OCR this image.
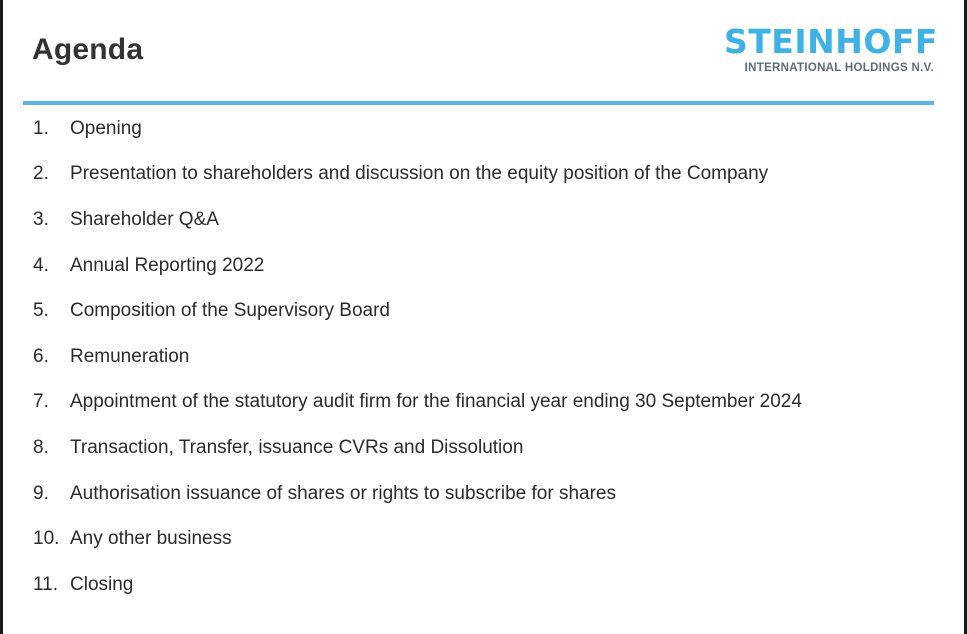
Agenda	STEINHOFF
INTERNATIONAL HOLDINGS N.V.
1.	Opening
2.	Presentation to shareholders and discussion on the equity position of the Company
3.	Shareholder Q&A
4.	Annual Reporting 2022
5.	Composition of the Supervisory Board
6.	Remuneration
7.	Appointment of the statutory audit firm for the financial year ending 30 September 2024
8.	Transaction, Transfer, issuance CVRs and Dissolution
9.	Authorisation issuance of shares or rights to subscribe for shares
10. Any other business
11. Closing
